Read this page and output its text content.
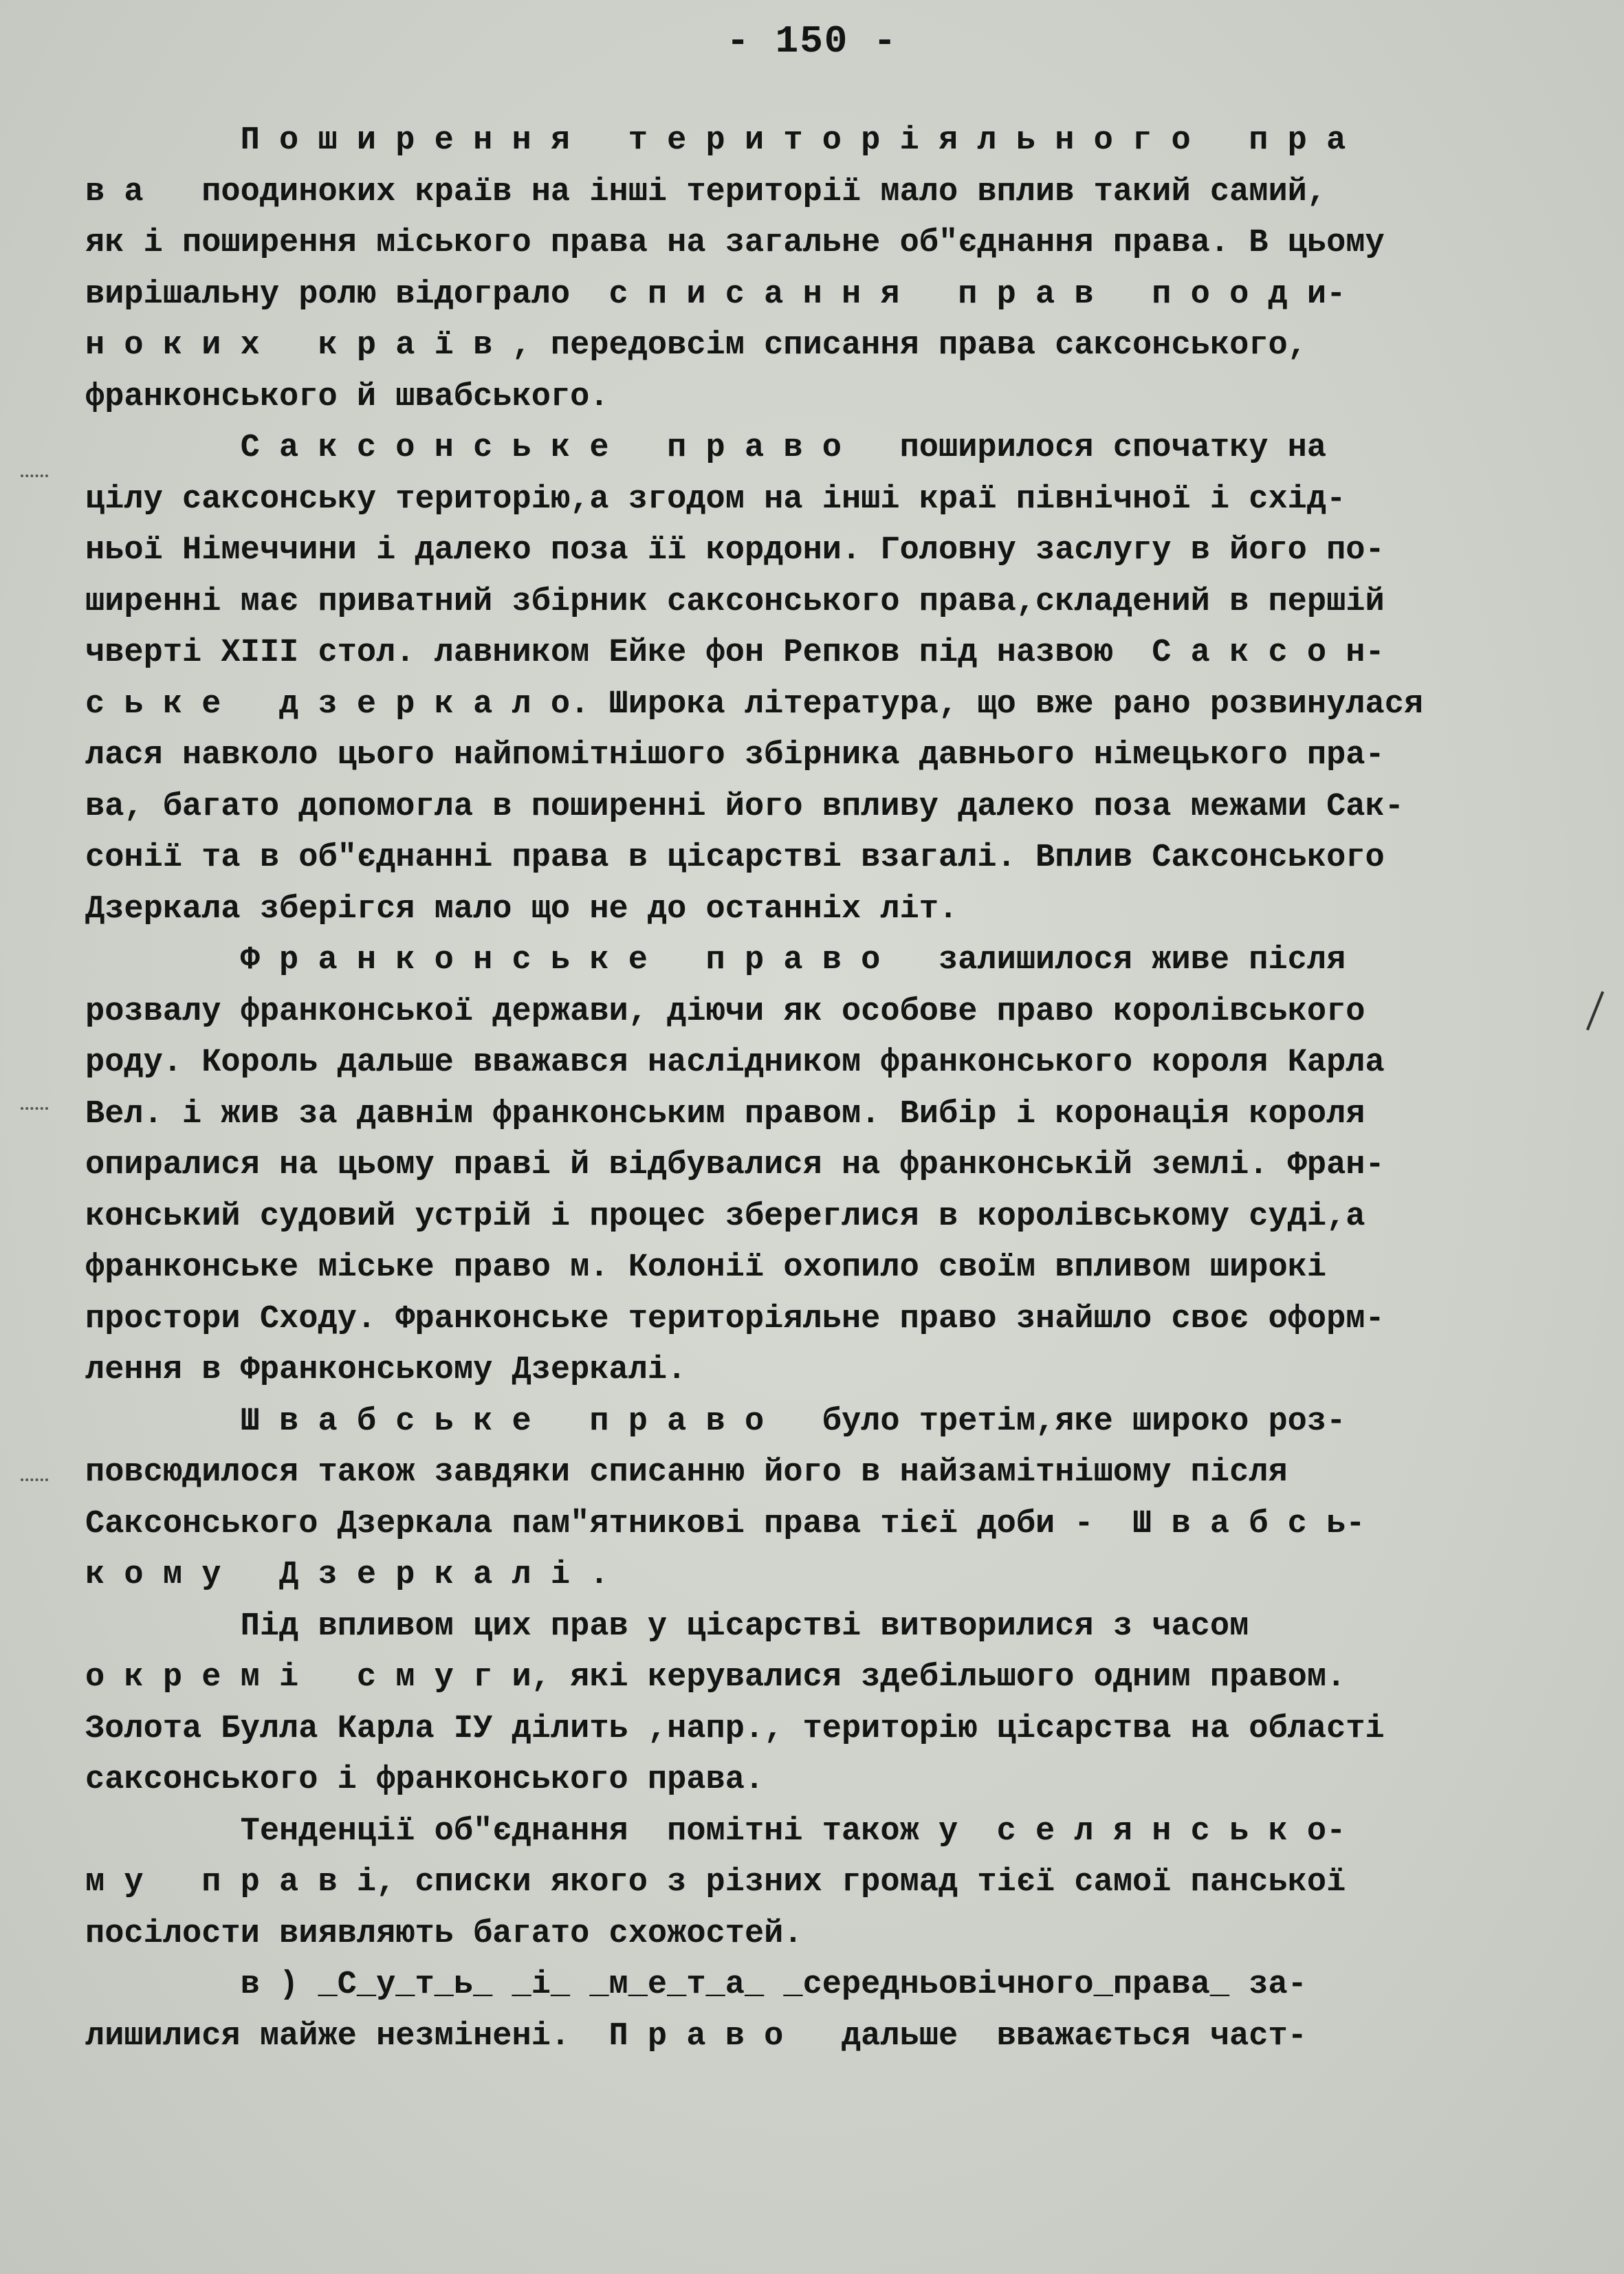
- 150 -
П о ш и р е н н я   т е р и т о р і я л ь н о г о   п р а
в а   поодиноких країв на інші території мало вплив такий самий,
як і поширення міського права на загальне об"єднання права. В цьому
вирішальну ролю відограло  с п и с а н н я   п р а в   п о о д и-
н о к и х   к р а ї в , передовсім списання права саксонського,
франконського й швабського.
С а к с о н с ь к е   п р а в о   поширилося спочатку на
цілу саксонську територію,а згодом на інші краї північної і схід-
ньої Німеччини і далеко поза її кордони. Головну заслугу в його по-
ширенні має приватний збірник саксонського права,складений в першій
чверті ХІІІ стол. лавником Ейке фон Репков під назвою  С а к с о н-
с ь к е   д з е р к а л о. Широка література, що вже рано розвинулася
лася навколо цього найпомітнішого збірника давнього німецького пра-
ва, багато допомогла в поширенні його впливу далеко поза межами Сак-
сонії та в об"єднанні права в цісарстві взагалі. Вплив Саксонського
Дзеркала зберігся мало що не до останніх літ.
Ф р а н к о н с ь к е   п р а в о   залишилося живе після
розвалу франконської держави, діючи як особове право королівського
роду. Король дальше вважався наслідником франконського короля Карла
Вел. і жив за давнім франконським правом. Вибір і коронація короля
опиралися на цьому праві й відбувалися на франконській землі. Фран-
конський судовий устрій і процес збереглися в королівському суді,а
франконське міське право м. Колонії охопило своїм впливом широкі
простори Сходу. Франконське територіяльне право знайшло своє оформ-
лення в Франконському Дзеркалі.
Ш в а б с ь к е   п р а в о   було третім,яке широко роз-
повсюдилося також завдяки списанню його в найзамітнішому після
Саксонського Дзеркала пам"ятникові права тієї доби -  Ш в а б с ь-
к о м у   Д з е р к а л і .
Під впливом цих прав у цісарстві витворилися з часом
о к р е м і   с м у г и, які керувалися здебільшого одним правом.
Золота Булла Карла ІУ ділить ,напр., територію цісарства на області
саксонського і франконського права.
Тенденції об"єднання  помітні також у  с е л я н с ь к о-
м у   п р а в і, списки якого з різних громад тієї самої панської
посілости виявляють багато схожостей.
в ) _С_у_т_ь_ _і_ _м_е_т_а_ _середньовічного_права_ за-
лишилися майже незмінені.  П р а в о   дальше  вважається част-
